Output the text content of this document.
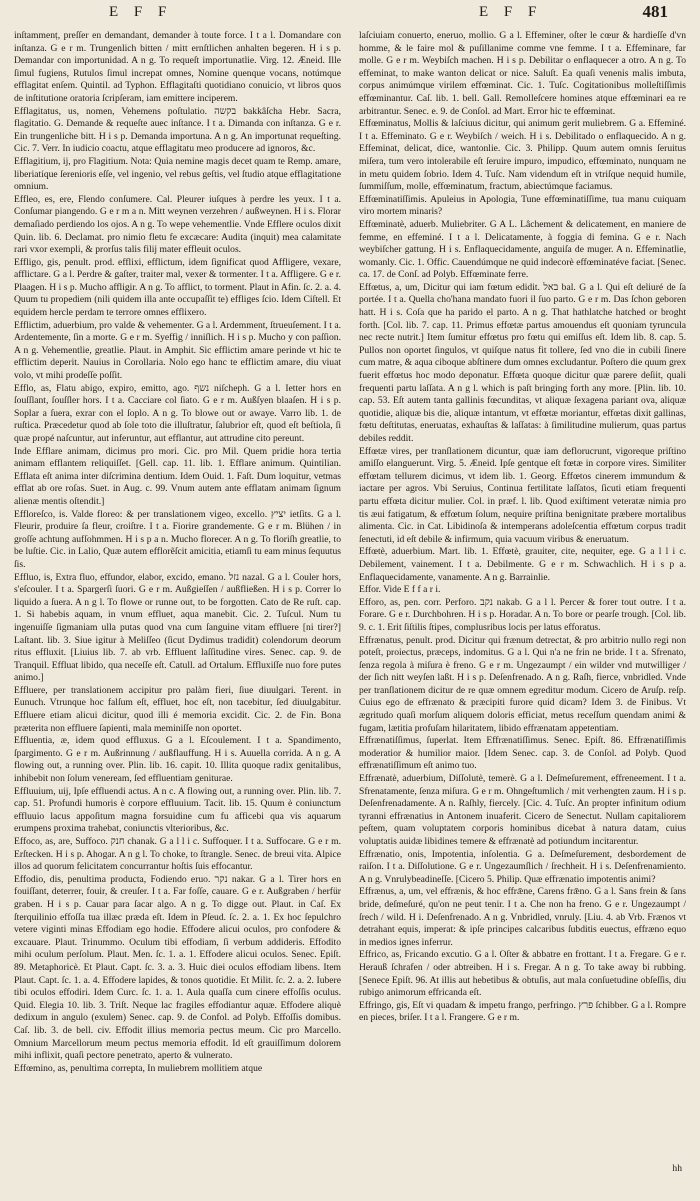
E F F	E F F	481

inſtammenṭ, preſſer en demandant, demander à toute force. I t a l. Domandare con inſtanza. G e r m. Trungenlich bitten / mitt ernſtlichen anhalten begeren. H i s p. Demandar con importunidad. A n g. To requeſt importunatlie. Virg. 12. Æneid. Ille ſimul fugiens, Rutulos ſimul increpat omnes, Nomine quenque vocans, notúmque efflagitat enſem. Quintil. ad Typhon. Efflagitaſti quotidiano conuicio, vt libros quos de inſtitutione oratoria ſcripſeram, iam emittere inciperem.

Efflagitatus, us, nomen, Vehemens poſtulatio. בקשה bakkâſcha Hebr. Sacra, flagitatio. G. Demande & requeſte auec inſtance. I t a. Dimanda con inſtanza. G e r. Ein trungenliche bitt. H i s p. Demanda importuna. A n g. An importunat requeſting. Cic. 7. Verr. In iudicio coactu, atque efflagitatu meo producere ad ignoros, &c.

Efflagitium, ij, pro Flagitium. Nota: Quia nemine magis decet quam te Remp. amare, liberiatíque ſerenioris eſſe, vel ingenio, vel rebus geſtis, vel ſtudio atque efflagitatione omnium.

Effleo, es, ere, Flendo conſumere. Cal. Pleurer iuſques à perdre les yeux. I t a. Conſumar piangendo. G e r m a n. Mitt weynen verzehren / außweynen. H i s. Florar demaſiado perdiendo los ojos. A n g. To wepe vehementlie. Vnde Efflere oculos dixit Quin. lib. 6. Declamat. pro nimio fletu fe excæcare: Audita (inquit) mea calamitate rari vxor exempli, & prorſus talis filij mater effleuit oculos.

Effligo, gis, penult. prod. efflixi, efflictum, idem ſignificat quod Affligere, vexare, afflictare. G a l. Perdre & gaſter, traiter mal, vexer & tormenter. I t a. Affligere. G e r. Plaagen. H i s p. Mucho affligir. A n g. To afflict, to torment. Plaut in Afin. ſc. 2. a. 4. Quum tu propediem (nili quidem illa ante occupaſſit te) effliges ſcio. Idem Ciſtell. Et equidem hercle perdam te terrore omnes efflixero.

Efflictim, aduerbium, pro valde & vehementer. G a l. Ardemment, ſtrueuſement. I t a. Ardentemente, ſin a morte. G e r m. Syeffig / inniſlich. H i s p. Mucho y con paſſion. A n g. Vehementlie, greatlie. Plaut. in Amphit. Sic efflictim amare perinde vt hic te efflictim deperit. Nauius in Corollaria. Nolo ego hanc te efflictim amare, diu viuat volo, vt mihi prodeſſe poſſit.

Efflo, as, Flatu abigo, expiro, emitto, ago. נשף niſcheph. G a l. Ietter hors en ſouſſlant, ſouſſler hors. I t a. Cacciare col ſiato. G e r m. Außſyen blaaſen. H i s p. Soplar a ſuera, exrar con el ſoplo. A n g. To blowe out or awaye. Varro lib. 1. de ruſtica. Præcedetur quod ab ſole toto die illuſtratur, ſalubrior eſt, quod eſt beſtiola, ſi quæ propé naſcuntur, aut inferuntur, aut efflantur, aut attrudine cito pereunt.

Inde Efflare animam, dicimus pro mori. Cic. pro Mil. Quem pridie hora tertia animam efflantem reliquiſſet. [Gell. cap. 11. lib. 1. Efflare animum. Quintilian. Efflata eſt anima inter diſcrimina dentium. Idem Ouid. 1. Faſt. Dum loquitur, vetmas efflat ab ore roſas. Suet. in Aug. c. 99. Vnum autem ante efflatam animam ſignum alienæ mentis oſtendit.]

Effloreſco, is. Valde floreo: & per translationem vigeo, excello. יציץ ietſits. G a l. Fleurir, produire ſa fleur, croiſtre. I t a. Fiorire grandemente. G e r m. Blühen / in groſſe achtung aufſohmmen. H i s p a n. Mucho florecer. A n g. To floriſh greatlie, to be luſtie. Cic. in Lalio, Quæ autem efflorẽſcit amicitia, etiamſi tu eam minus ſequutus ſis.

Effluo, is, Extra fluo, effundor, elabor, excido, emano. נזל nazal. G a l. Couler hors, s'eſcouler. I t a. Spargerſi ſuori. G e r m. Außgieſſen / außfließen. H i s p. Correr lo liquido a ſuera. A n g l. To flowe or runne out, to be forgotten. Cato de Re ruſt. cap. 1. Si habebis aquam, in vnum effluet, aqua manebit. Cic. 2. Tuſcul. Num tu ingenuiſſe ſigmaniam ulla putas quod vna cum ſanguine vitam effluere [ni tirer?] Laſtant. lib. 3. Siue igitur à Meliſſeo (ſicut Dydimus tradidit) colendorum deorum ritus effluxit. [Liuius lib. 7. ab vrb. Effluent laſſitudine vires. Senec. cap. 9. de Tranquil. Effluat libido, qua neceſſe eſt. Catull. ad Ortalum. Effluxiſſe nuo fore putes animo.]

Effluere, per translationem accipitur pro palàm fieri, ſiue diuulgari. Terent. in Eunuch. Vtrunque hoc falſum eſt, effluet, hoc eſt, non tacebitur, ſed diuulgabitur. Effluere etiam alicui dicitur, quod illi é memoria excidit. Cic. 2. de Fin. Bona præterita non effluere ſapienti, mala meminiſſe non oportet.

Effluentia, æ, idem quod effluxus. G a l. Eſcoulement. I t a. Spandimento, ſpargimento. G e r m. Außrinnung / außflauffung. H i s. Auuella corrida. A n g. A flowing out, a running over. Plin. lib. 16. capit. 10. Illita quoque radix genitalibus, inhibebit non ſolum veneream, ſed effluentiam geniturae.

Effluuium, uij, Ipſe effluendi actus. A n c. A flowing out, a running over. Plin. lib. 7. cap. 51. Profundi humoris è corpore effluuium. Tacit. lib. 15. Quum è coniunctum effluuio lacus appoſitum magna forsuidine cum fu afficebi qua vis aquarum erumpens proxima trahebat, coniunctis vlterioribus, &c.

Effoco, as, are, Suffoco. חנק chanak. G a l l i c. Suffoquer. I t a. Suffocare. G e r m. Erſtecken. H i s p. Ahogar. A n g l. To choke, to ſtrangle. Senec. de breui vita. Alpice illos ad quorum felicitatem concurrantur hoſtis ſuis effocantur.

Effodio, dis, penultima producta, Fodiendo eruo. נקר nakar. G a l. Tirer hors en fouiſſant, deterrer, fouir, & creuſer. I t a. Far foſſe, cauare. G e r. Außgraben / herfür graben. H i s p. Cauar para ſacar algo. A n g. To digge out. Plaut. in Caſ. Ex ſterquilinio effoſſa tua illæc præda eſt. Idem in Pſeud. ſc. 2. a. 1. Ex hoc ſepulchro vetere viginti minas Effodiam ego hodie. Effodere alicui oculos, pro confodere & excauare. Plaut. Trinummo. Oculum tibi effodiam, ſi verbum addideris. Effodito mihi oculum perſolum. Plaut. Men. ſc. 1. a. 1. Effodere alicui oculos. Senec. Epiſt. 89. Metaphoricè. Et Plaut. Capt. ſc. 3. a. 3. Huic diei oculos effodiam libens. Item Plaut. Capt. ſc. 1. a. 4. Effodere lapides, & tonos quotidie. Et Milit. ſc. 2. a. 2. Iubere tibi oculos effodiri. Idem Curc. ſc. 1. a. 1. Aula quaſſa cum cinere effoſſis oculus. Quid. Elegia 10. lib. 3. Triſt. Neque lac fragiles effodiantur aquæ. Effodere aliquè dedixum in angulo (exulem) Senec. cap. 9. de Confol. ad Polyb. Effoſſis domibus. Caſ. lib. 3. de bell. civ. Effodit illius memoria pectus meum. Cic pro Marcello. Omnium Marcellorum meum pectus memoria effodit. Id eſt grauiſſimum dolorem mihi inflixit, quaſi pectore penetrato, aperto & vulnerato.

Effœmino, as, penultima correpta, In muliebrem mollitiem atque

laſciuiam conuerto, eneruo, mollio. G a l. Effeminer, oſter le cœur & hardieſſe d'vn homme, & le faire mol & puſillanime comme vne femme. I t a. Effeminare, far molle. G e r m. Weybiſch machen. H i s p. Debilitar o enflaquecer a otro. A n g. To effeminat, to make wanton delicat or nice. Saluſt. Ea quaſi venenis malis imbuta, corpus animúmque virilem effœminat. Cic. 1. Tuſc. Cogitationibus molleſtiſſimis effœminantur. Caſ. lib. 1. bell. Gall. Remolleſcere homines atque effœminari ea re arbitrantur. Senec. e. 9. de Conſol. ad Mart. Error hic te effœminat.

Effœminatus, Mollis & laſciuus dicitur, qui animum gerit muliebrem. G a. Effeminé. I t a. Effeminato. G e r. Weybiſch / weich. H i s. Debilitado o enflaquecido. A n g. Effeminat, delicat, dice, wantonlie. Cic. 3. Philipp. Quum autem omnis ſeruitus miſera, tum vero intolerabile eſt ſeruire impuro, impudico, effœminato, nunquam ne in metu quidem ſobrio. Idem 4. Tuſc. Nam videndum eſt in vtriſque nequid humile, ſummiſſum, molle, effœminatum, fractum, abiectúmque faciamus.

Effœminatiſſimis. Apuleius in Apologia, Tune effœminatiſſime, tua manu cuiquam viro mortem minaris?

Effœminatè, aduerb. Muliebriter. G A L. Lâchement & delicatement, en maniere de femme, en effeminé. I t a l. Delicatamente, à foggia di femina. G e r. Nach weybiſcher gattung. H i s. Enflaquecidamente, anguiſa de muger. A n. Effeminatlie, womanly. Cic. 1. Offic. Cauendúmque ne quid indecorè effœminatéve faciat. [Senec. ca. 17. de Conſ. ad Polyb. Effœminate ferre.

Effœtus, a, um, Dicitur qui iam fœtum edidit. באל bal. G a l. Qui eſt deliuré de ſa portée. I t a. Quella cho'hana mandato fuori il ſuo parto. G e r m. Das ſchon geboren hatt. H i s. Coſa que ha parido el parto. A n g. That hathlatche hatched or broght forth. [Col. lib. 7. cap. 11. Primus effœtæ partus amouendus eſt quoniam tyruncula nec recte nutrit.] Item ſumitur effœtus pro fœtu qui emiſſus eſt. Idem lib. 8. cap. 5. Pullos non oportet ſingulos, vt quiſque natus fit tollere, ſed vno die in cubili ſinere cum matre, & aqua ciboque abſtinere dum omnes excludantur. Poſtero die quum grex fuerit effœtus hoc modo deponatur. Effœta quoque dicitur quæ parere deſiit, quali frequenti partu laſſata. A n g l. which is paſt bringing forth any more. [Plin. lib. 10. cap. 53. Eſt autem tanta gallinis fœcunditas, vt aliquæ ſexagena pariant ova, aliquæ quotidie, aliquæ bis die, aliquæ intantum, vt effœtæ moriantur, effœtas dixit gallinas, fœtu deſtitutas, eneruatas, exhauſtas & laſſatas: à ſimilitudine mulierum, quas partus debiles reddit.

Effœtæ vires, per tranſlationem dicuntur, quæ iam deflorucrunt, vigoreque priſtino amiſſo elanguerunt. Virg. 5. Æneid. Ipſe gentque eſt fœtæ in corpore vires. Similiter effœtam tellurem dicimus, vt idem lib. 1. Georg. Effœtos cinerem immundum & iactare per agros. Vbi Seruius, Continua fertilitate laſſatos, ſicuti etiam frequenti partu effœta dicitur mulier. Col. in præf. l. lib. Quod exiſtiment veteratæ nimia pro tis æui fatigatum, & effœtum ſolum, nequire priſtina benignitate præbere mortalibus alimenta. Cic. in Cat. Libidinoſa & intemperans adoleſcentia effœtum corpus tradit ſenectuti, id eſt debile & infirmum, quia vacuum viribus & eneruatum.

Effœtè, aduerbium. Mart. lib. 1. Effœtè, grauiter, cite, nequiter, ege. G a l l i c. Debilement, vainement. I t a. Debilmente. G e r m. Schwachlich. H i s p a. Enflaquecidamente, vanamente. A n g. Barrainlie.

Effor. Vide E f f a r i.

Efforo, as, pen. corr. Perforo. נקב nakab. G a l l. Percer & forer tout outre. I t a. Forare. G e r. Durchbohren. H i s p. Horadar. A n. To bore or pearſe trough. [Col. lib. 9. c. 1. Erit ſiſtilis ſtipes, complusribus locis per latus efforatus.

Effrænatus, penult. prod. Dicitur qui frænum detrectat, & pro arbitrio nullo regi non poteſt, proiectus, præceps, indomitus. G a l. Qui n'a ne frin ne bride. I t a. Sfrenato, ſenza regola à miſura è freno. G e r m. Ungezaumpt / ein wilder vnd mutwilliger / der ſich nitt weyſen laßt. H i s p. Deſenfrenado. A n g. Raſh, fierce, vnbridled. Vnde per tranſlationem dicitur de re quæ omnem egreditur modum. Cicero de Aruſp. reſp. Cuius ego de effrænato & præcipiti furore quid dicam? Idem 3. de Finibus. Vt ægritudo quaſi morſum aliquem doloris efficiat, metus receſſum quendam animi & fugam, lætitia profuſam hilaritatem, libido effrænatam appetentiam.

Effrænatiſſimus, ſuperlat. Item Effrænatiſſimus. Senec. Epiſt. 86. Effrænatiſſimis moderatior & humilior maior. [Idem Senec. cap. 3. de Conſol. ad Polyb. Quod effrænatiſſimum eſt animo tuo.

Effrænatè, aduerbium, Diſſolutè, temerè. G a l. Deſmeſurement, effreneement. I t a. Sfrenatamente, ſenza miſura. G e r m. Ohngeſtumlich / mit verhengten zaum. H i s p. Deſenfrenadamente. A n. Raſhly, fiercely. [Cic. 4. Tuſc. An propter infinitum odium tyranni effrænatius in Antonem inuaferit. Cicero de Senectut. Nullam capitaliorem peſtem, quam voluptatem corporis hominibus dicebat à natura datam, cuius voluptatis auidæ libidines temere & effrænatè ad potiundum incitarentur.

Effrænatio, onis, Impotentia, inſolentia. G a. Deſmeſurement, desbordement de raiſon. I t a. Diſſolutione. G e r. Ungezaumſlich / ſrechheit. H i s. Deſenfrenamiento. A n g. Vnrulybeadineſſe. [Cicero 5. Philip. Quæ effrænatio impotentis animi?

Effrænus, a, um, vel effrænis, & hoc effrǣne, Carens frǣno. G a l. Sans frein & ſans bride, deſmeſuré, qu'on ne peut tenir. I t a. Che non ha freno. G e r. Ungezaumpt / ſrech / wild. H i. Deſenfrenado. A n g. Vnbridled, vnruly. [Liu. 4. ab Vrb. Frænos vt detrahant equis, imperat: & ipſe principes calcaribus ſubditis euectus, effræno equo in medios ignes inferrur.

Effrico, as, Fricando excutio. G a l. Oſter & abbatre en frottant. I t a. Fregare. G e r. Herauß ſchrafen / oder abtreiben. H i s. Fregar. A n g. To take away bi rubbing. [Senece Epiſt. 96. At illis aut hebetibus & obtuſis, aut mala conſuetudine obſeſſis, diu rubigo animorum effricanda eſt.

Effringo, gis, Eſt vi quadam & impetu frango, perfringo. פרץ ſchibber. G a l. Rompre en pieces, briſer. I t a l. Frangere. G e r m.

hh
